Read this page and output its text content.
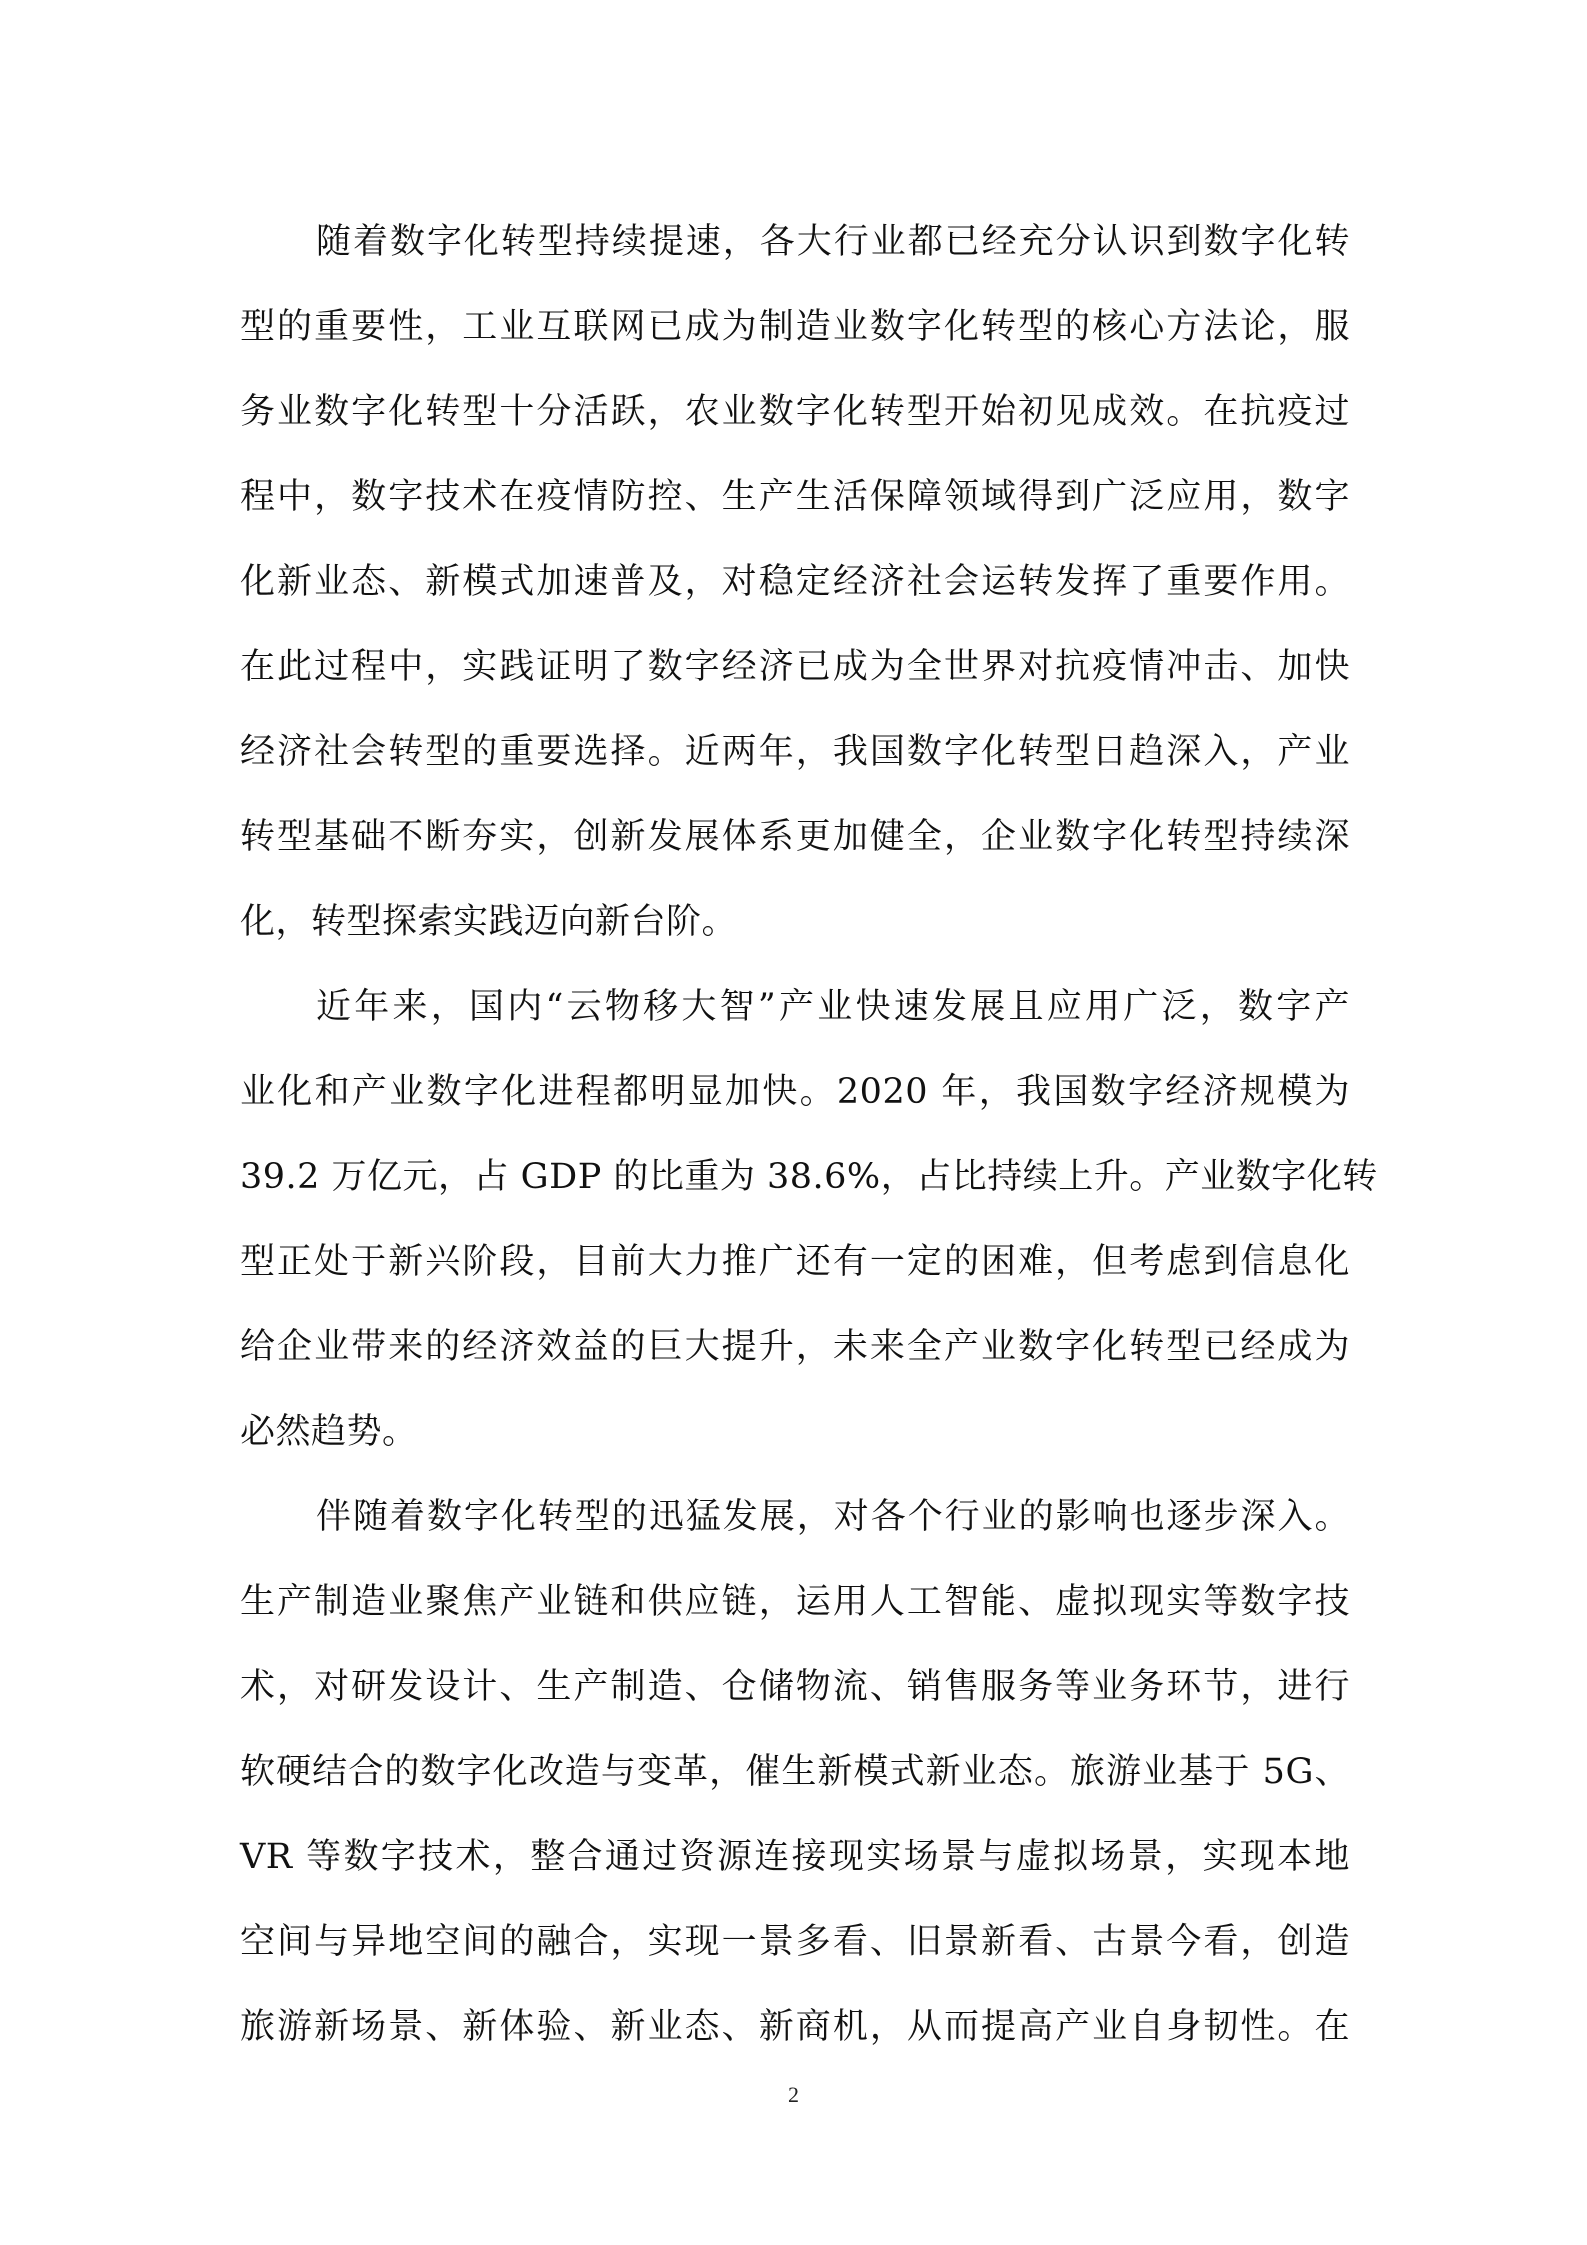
随着数字化转型持续提速，各大行业都已经充分认识到数字化转
型的重要性，工业互联网已成为制造业数字化转型的核心方法论，服
务业数字化转型十分活跃，农业数字化转型开始初见成效。在抗疫过
程中，数字技术在疫情防控、生产生活保障领域得到广泛应用，数字
化新业态、新模式加速普及，对稳定经济社会运转发挥了重要作用。
在此过程中，实践证明了数字经济已成为全世界对抗疫情冲击、加快
经济社会转型的重要选择。近两年，我国数字化转型日趋深入，产业
转型基础不断夯实，创新发展体系更加健全，企业数字化转型持续深
化，转型探索实践迈向新台阶。
近年来，国内“云物移大智”产业快速发展且应用广泛，数字产
业化和产业数字化进程都明显加快。2020 年，我国数字经济规模为
39.2 万亿元，占 GDP 的比重为 38.6%，占比持续上升。产业数字化转
型正处于新兴阶段，目前大力推广还有一定的困难，但考虑到信息化
给企业带来的经济效益的巨大提升，未来全产业数字化转型已经成为
必然趋势。
伴随着数字化转型的迅猛发展，对各个行业的影响也逐步深入。
生产制造业聚焦产业链和供应链，运用人工智能、虚拟现实等数字技
术，对研发设计、生产制造、仓储物流、销售服务等业务环节，进行
软硬结合的数字化改造与变革，催生新模式新业态。旅游业基于 5G、
VR 等数字技术，整合通过资源连接现实场景与虚拟场景，实现本地
空间与异地空间的融合，实现一景多看、旧景新看、古景今看，创造
旅游新场景、新体验、新业态、新商机，从而提高产业自身韧性。在
2
